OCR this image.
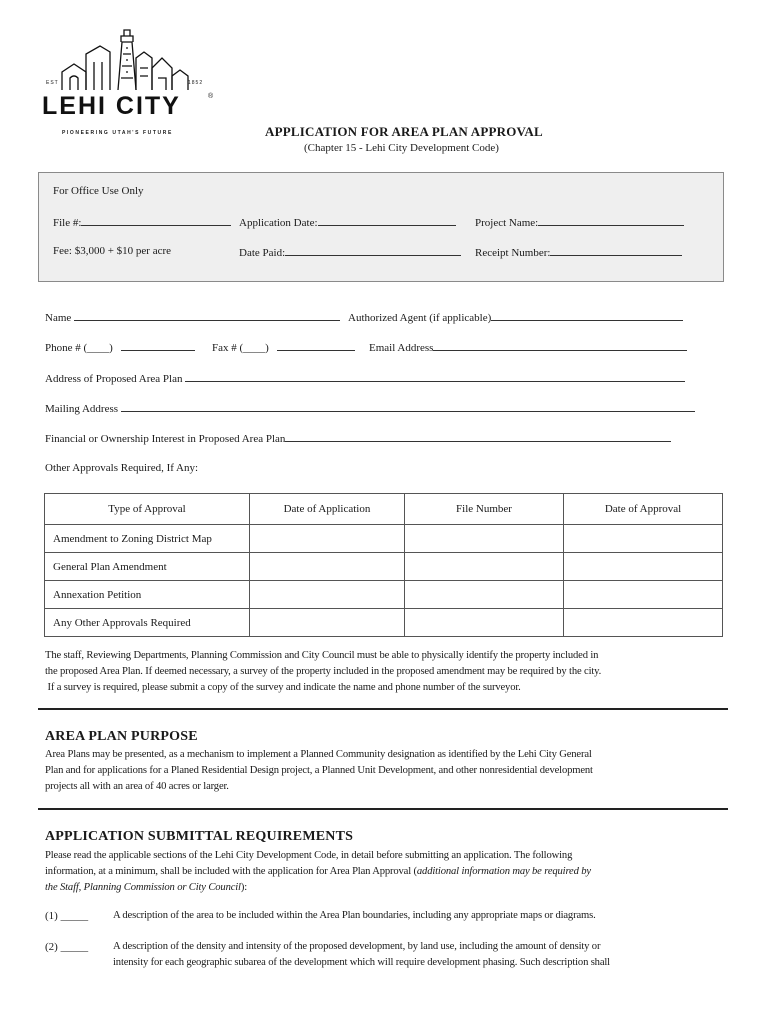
EST	1852
LEHI CITY	®
PIONEERING UTAH'S FUTURE	APPLICATION FOR AREA PLAN APPROVAL
(Chapter 15 - Lehi City Development Code)
For Office Use Only
File #:	Application Date:	Project Name:
Fee: $3,000 + $10 per acre	Date Paid:	Receipt Number:
Name	Authorized Agent (if applicable)
Phone # (____)	Fax # (____)	Email Address
Address of Proposed Area Plan
Mailing Address
Financial or Ownership Interest in Proposed Area Plan
Other Approvals Required, If Any:
Type of Approval	Date of Application	File Number	Date of Approval
Amendment to Zoning District Map			
General Plan Amendment			
Annexation Petition			
Any Other Approvals Required			
The staff, Reviewing Departments, Planning Commission and City Council must be able to physically identify the property included in
the proposed Area Plan. If deemed necessary, a survey of the property included in the proposed amendment may be required by the city.
If a survey is required, please submit a copy of the survey and indicate the name and phone number of the surveyor.
AREA PLAN PURPOSE
Area Plans may be presented, as a mechanism to implement a Planned Community designation as identified by the Lehi City General
Plan and for applications for a Planed Residential Design project, a Planned Unit Development, and other nonresidential development
projects all with an area of 40 acres or larger.
APPLICATION SUBMITTAL REQUIREMENTS
Please read the applicable sections of the Lehi City Development Code, in detail before submitting an application. The following
information, at a minimum, shall be included with the application for Area Plan Approval (additional information may be required by
the Staff, Planning Commission or City Council):
(1) _____ A description of the area to be included within the Area Plan boundaries, including any appropriate maps or diagrams.
(2) _____ A description of the density and intensity of the proposed development, by land use, including the amount of density or
intensity for each geographic subarea of the development which will require development phasing. Such description shall
